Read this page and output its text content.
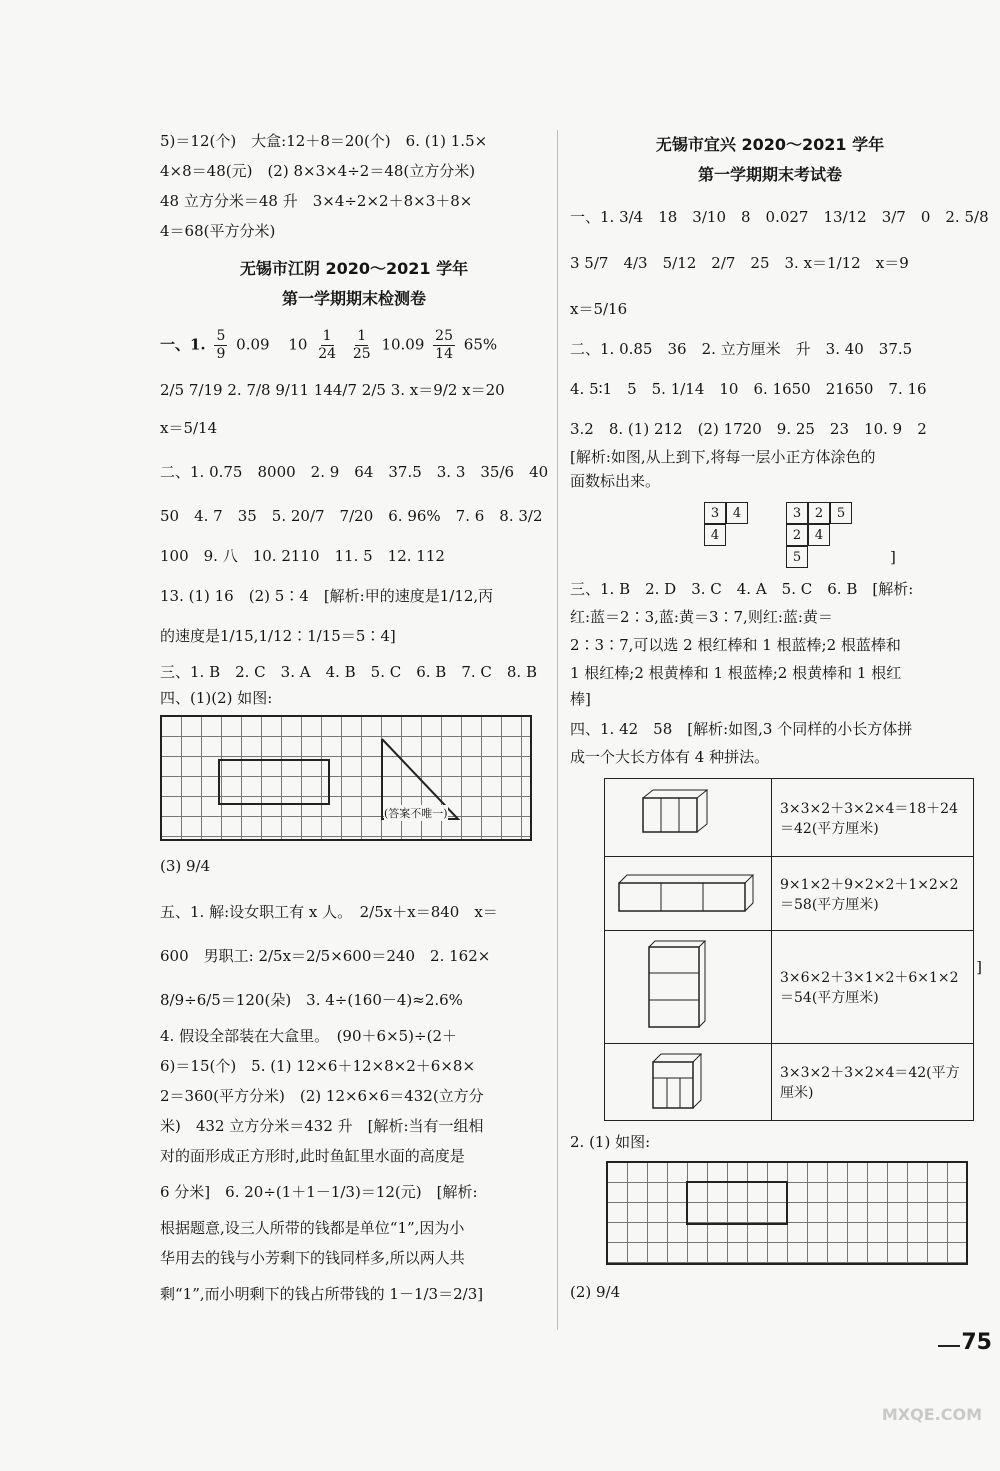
5)＝12(个)　大盒:12＋8＝20(个)　6. (1) 1.5×

4×8＝48(元)　(2) 8×3×4÷2＝48(立方分米)

48 立方分米＝48 升　3×4÷2×2＋8×3＋8×

4＝68(平方分米)

无锡市江阴 2020～2021 学年
第一学期期末检测卷

一、1. $\frac{5}{9} 0.09$ $10 \frac{1}{24}$
$\frac{1}{25} 10.09 \frac{25}{14} 65\%$

2/5 7/19 2. 7/8 9/11 144/7 2/5 3. x＝9/2 x＝20

x＝5/14

二、1. 0.75　8000　2. 9　64　37.5　3. 3　35/6　40

50　4. 7　35　5. 20/7　7/20　6. 96%　7. 6　8. 3/2

100　9. 八　10. 2110　11. 5　12. 112

13. (1) 16　(2) 5∶4　[解析:甲的速度是1/12,丙

的速度是1/15,1/12∶1/15＝5∶4]

三、1. B　2. C　3. A　4. B　5. C　6. B　7. C　8. B

四、(1)(2) 如图:

(答案不唯一)

(3) 9/4

五、1. 解:设女职工有 x 人。　2/5x＋x＝840　x＝

600　男职工: 2/5x＝2/5×600＝240　2. 162×

8/9÷6/5＝120(朵)　3. 4÷(160－4)≈2.6%

4. 假设全部装在大盒里。　(90＋6×5)÷(2＋

6)＝15(个)　5. (1) 12×6＋12×8×2＋6×8×

2＝360(平方分米)　(2) 12×6×6＝432(立方分

米)　432 立方分米＝432 升　[解析:当有一组相

对的面形成正方形时,此时鱼缸里水面的高度是

6 分米]　6. 20÷(1＋1－1/3)＝12(元)　[解析:

根据题意,设三人所带的钱都是单位“1”,因为小

华用去的钱与小芳剩下的钱同样多,所以两人共

剩“1”,而小明剩下的钱占所带钱的 1－1/3＝2/3]

无锡市宜兴 2020～2021 学年
第一学期期末考试卷

一、1. 3/4　18　3/10　8　0.027　13/12　3/7　0　2. 5/8

3 5/7　4/3　5/12　2/7　25　3. x＝1/12　x＝9

x＝5/16

二、1. 0.85　36　2. 立方厘米　升　3. 40　37.5

4. 5∶1　5　5. 1/14　10　6. 1650　21650　7. 16

3.2　8. (1) 212　(2) 1720　9. 25　23　10. 9　2

[解析:如图,从上到下,将每一层小正方体涂色的

面数标出来。

3	4
4
3	2	5
2	4
5	]

三、1. B　2. D　3. C　4. A　5. C　6. B　[解析:

红:蓝＝2∶3,蓝:黄＝3∶7,则红:蓝:黄＝

2∶3∶7,可以选 2 根红棒和 1 根蓝棒;2 根蓝棒和

1 根红棒;2 根黄棒和 1 根蓝棒;2 根黄棒和 1 根红

棒]

四、1. 42　58　[解析:如图,3 个同样的小长方体拼

成一个大长方体有 4 种拼法。

	3×3×2＋3×2×4＝18＋24＝42(平方厘米)
	9×1×2＋9×2×2＋1×2×2＝58(平方厘米)
	3×6×2＋3×1×2＋6×1×2＝54(平方厘米)
	3×3×2＋3×2×4＝42(平方厘米)
]

2. (1) 如图:

(2) 9/4

75
MXQE.COM
